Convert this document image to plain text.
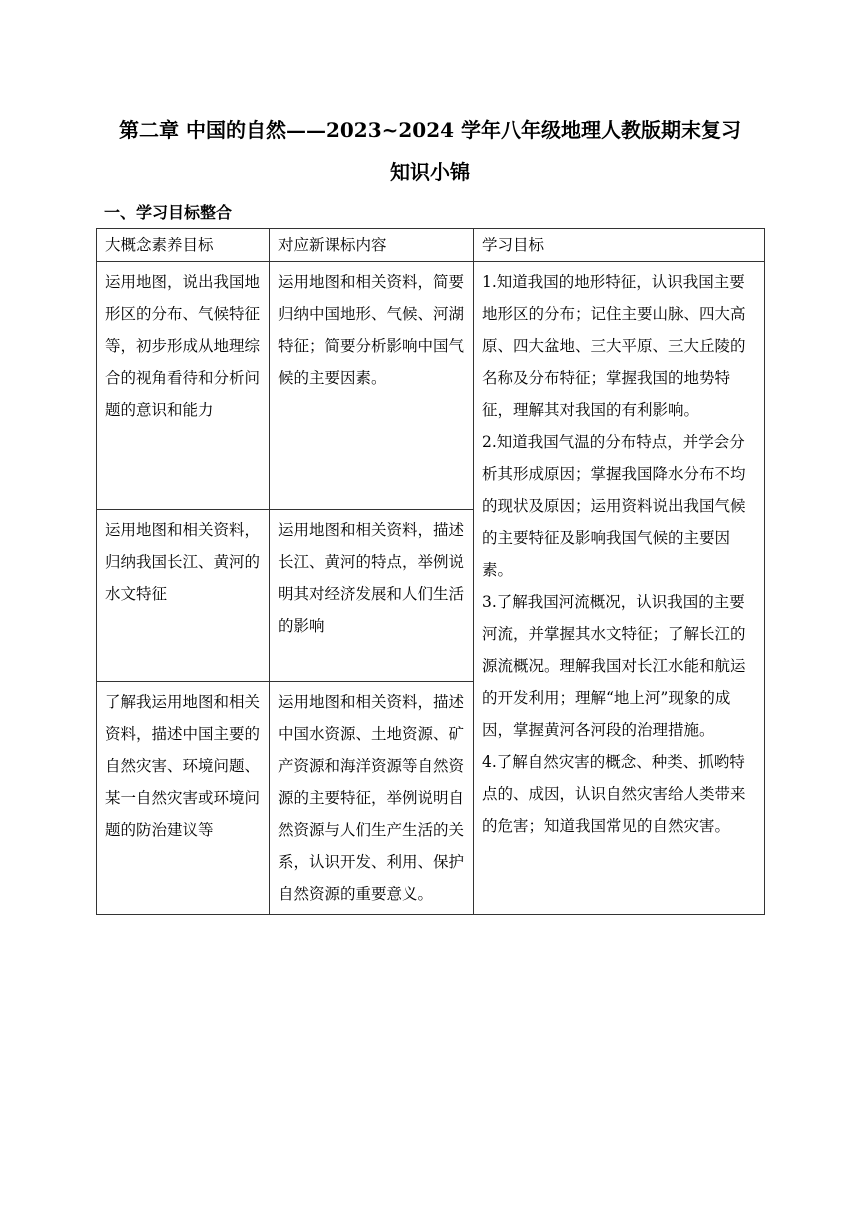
第二章 中国的自然——2023~2024 学年八年级地理人教版期末复习
知识小锦
一、学习目标整合
大概念素养目标	对应新课标内容	学习目标
运用地图，说出我国地形区的分布、气候特征等，初步形成从地理综合的视角看待和分析问题的意识和能力	运用地图和相关资料，简要归纳中国地形、气候、河湖特征；简要分析影响中国气候的主要因素。	1.知道我国的地形特征，认识我国主要地形区的分布；记住主要山脉、四大高原、四大盆地、三大平原、三大丘陵的名称及分布特征；掌握我国的地势特征，理解其对我国的有利影响。
2.知道我国气温的分布特点，并学会分析其形成原因；掌握我国降水分布不均的现状及原因；运用资料说出我国气候的主要特征及影响我国气候的主要因素。
3.了解我国河流概况，认识我国的主要河流，并掌握其水文特征；了解长江的源流概况。理解我国对长江水能和航运的开发利用；理解“地上河”现象的成因，掌握黄河各河段的治理措施。
4.了解自然灾害的概念、种类、抓哟特点的、成因，认识自然灾害给人类带来的危害；知道我国常见的自然灾害。

运用地图和相关资料，归纳我国长江、黄河的水文特征	运用地图和相关资料，描述长江、黄河的特点，举例说明其对经济发展和人们生活的影响	
了解我运用地图和相关资料，描述中国主要的自然灾害、环境问题、某一自然灾害或环境问题的防治建议等	运用地图和相关资料，描述中国水资源、土地资源、矿产资源和海洋资源等自然资源的主要特征，举例说明自然资源与人们生产生活的关系，认识开发、利用、保护自然资源的重要意义。	
